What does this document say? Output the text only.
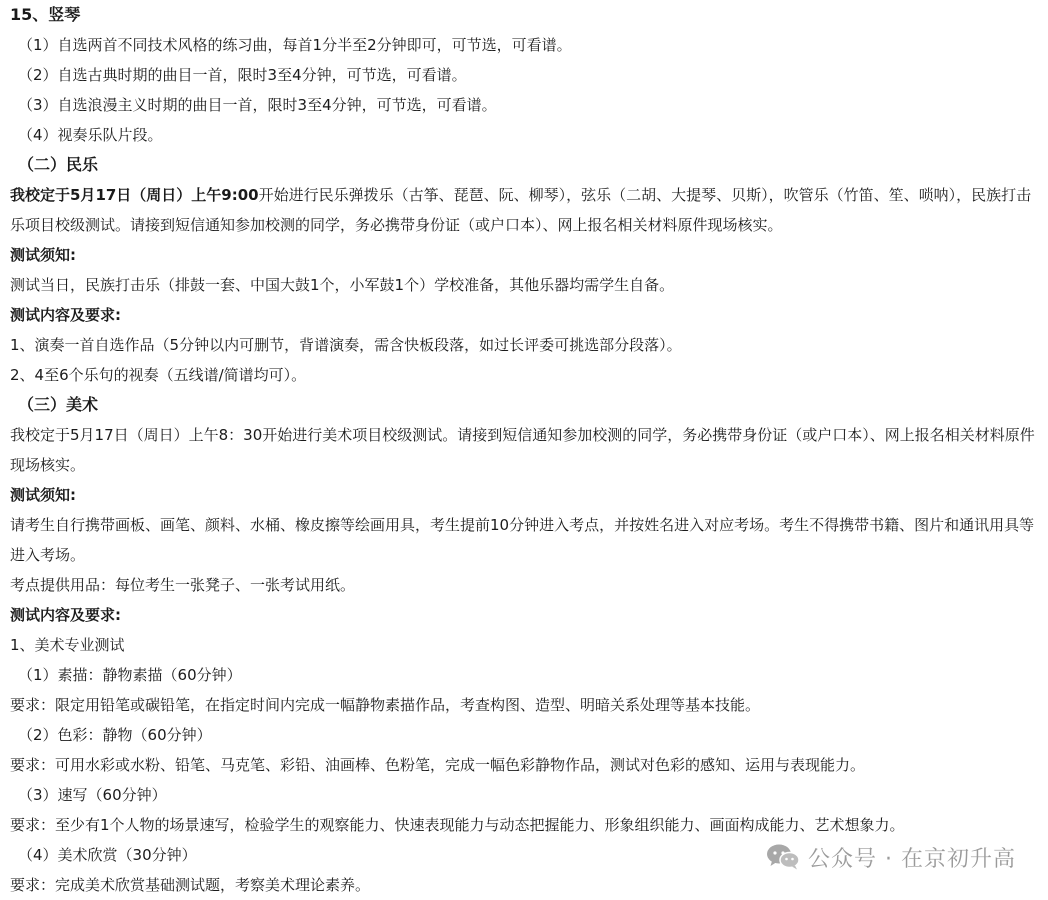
15、竖琴
（1）自选两首不同技术风格的练习曲，每首1分半至2分钟即可，可节选，可看谱。
（2）自选古典时期的曲目一首，限时3至4分钟，可节选，可看谱。
（3）自选浪漫主义时期的曲目一首，限时3至4分钟，可节选，可看谱。
（4）视奏乐队片段。
（二）民乐
我校定于5月17日（周日）上午9:00开始进行民乐弹拨乐（古筝、琵琶、阮、柳琴），弦乐（二胡、大提琴、贝斯），吹管乐（竹笛、笙、唢呐），民族打击乐项目校级测试。请接到短信通知参加校测的同学，务必携带身份证（或户口本）、网上报名相关材料原件现场核实。
测试须知:
测试当日，民族打击乐（排鼓一套、中国大鼓1个，小军鼓1个）学校准备，其他乐器均需学生自备。
测试内容及要求:
1、演奏一首自选作品（5分钟以内可删节，背谱演奏，需含快板段落，如过长评委可挑选部分段落）。
2、4至6个乐句的视奏（五线谱/简谱均可）。
（三）美术
我校定于5月17日（周日）上午8：30开始进行美术项目校级测试。请接到短信通知参加校测的同学，务必携带身份证（或户口本）、网上报名相关材料原件现场核实。
测试须知:
请考生自行携带画板、画笔、颜料、水桶、橡皮擦等绘画用具，考生提前10分钟进入考点，并按姓名进入对应考场。考生不得携带书籍、图片和通讯用具等进入考场。
考点提供用品：每位考生一张凳子、一张考试用纸。
测试内容及要求:
1、美术专业测试
（1）素描：静物素描（60分钟）
要求：限定用铅笔或碳铅笔，在指定时间内完成一幅静物素描作品，考查构图、造型、明暗关系处理等基本技能。
（2）色彩：静物（60分钟）
要求：可用水彩或水粉、铅笔、马克笔、彩铅、油画棒、色粉笔，完成一幅色彩静物作品，测试对色彩的感知、运用与表现能力。
（3）速写（60分钟）
要求：至少有1个人物的场景速写，检验学生的观察能力、快速表现能力与动态把握能力、形象组织能力、画面构成能力、艺术想象力。
（4）美术欣赏（30分钟）
要求：完成美术欣赏基础测试题，考察美术理论素养。
公众号 · 在京初升高
